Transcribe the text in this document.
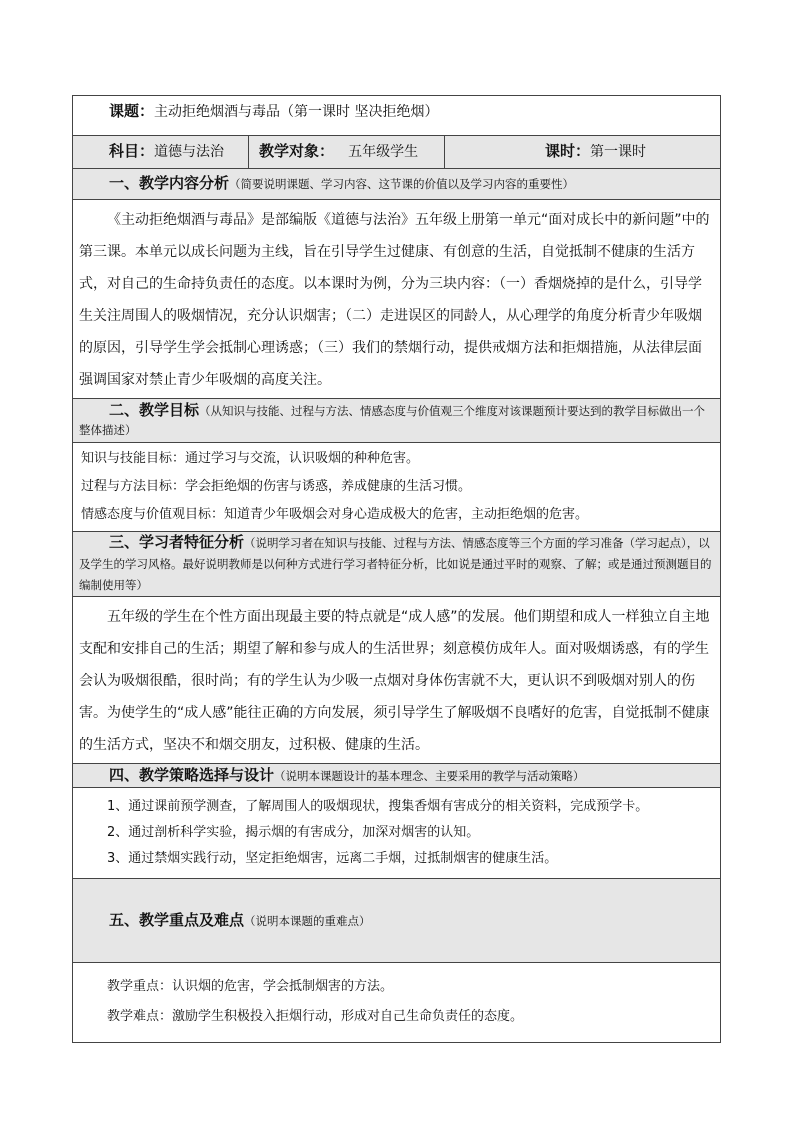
课题：主动拒绝烟酒与毒品（第一课时 坚决拒绝烟）
科目：道德与法治	教学对象： 五年级学生	课时：第一课时
一、教学内容分析（简要说明课题、学习内容、这节课的价值以及学习内容的重要性）
《主动拒绝烟酒与毒品》是部编版《道德与法治》五年级上册第一单元“面对成长中的新问题”中的第三课。本单元以成长问题为主线，旨在引导学生过健康、有创意的生活，自觉抵制不健康的生活方式，对自己的生命持负责任的态度。以本课时为例，分为三块内容：（一）香烟烧掉的是什么，引导学生关注周围人的吸烟情况，充分认识烟害；（二）走进误区的同龄人，从心理学的角度分析青少年吸烟的原因，引导学生学会抵制心理诱惑；（三）我们的禁烟行动，提供戒烟方法和拒烟措施，从法律层面强调国家对禁止青少年吸烟的高度关注。
二、教学目标（从知识与技能、过程与方法、情感态度与价值观三个维度对该课题预计要达到的教学目标做出一个整体描述）

知识与技能目标：通过学习与交流，认识吸烟的种种危害。
过程与方法目标：学会拒绝烟的伤害与诱惑，养成健康的生活习惯。
情感态度与价值观目标：知道青少年吸烟会对身心造成极大的危害，主动拒绝烟的危害。

三、学习者特征分析（说明学习者在知识与技能、过程与方法、情感态度等三个方面的学习准备（学习起点），以及学生的学习风格。最好说明教师是以何种方式进行学习者特征分析，比如说是通过平时的观察、了解；或是通过预测题目的编制使用等）
五年级的学生在个性方面出现最主要的特点就是“成人感”的发展。他们期望和成人一样独立自主地支配和安排自己的生活；期望了解和参与成人的生活世界；刻意模仿成年人。面对吸烟诱惑，有的学生会认为吸烟很酷，很时尚；有的学生认为少吸一点烟对身体伤害就不大，更认识不到吸烟对别人的伤害。为使学生的“成人感”能往正确的方向发展，须引导学生了解吸烟不良嗜好的危害，自觉抵制不健康的生活方式，坚决不和烟交朋友，过积极、健康的生活。
四、教学策略选择与设计（说明本课题设计的基本理念、主要采用的教学与活动策略）

1、通过课前预学测查，了解周围人的吸烟现状，搜集香烟有害成分的相关资料，完成预学卡。
2、通过剖析科学实验，揭示烟的有害成分，加深对烟害的认知。
3、通过禁烟实践行动，坚定拒绝烟害，远离二手烟，过抵制烟害的健康生活。

五、教学重点及难点（说明本课题的重难点）

教学重点：认识烟的危害，学会抵制烟害的方法。
教学难点：激励学生积极投入拒烟行动，形成对自己生命负责任的态度。
